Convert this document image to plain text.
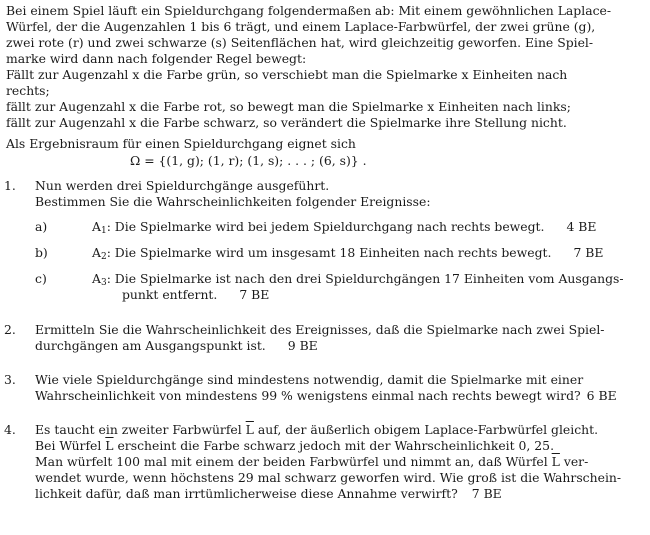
Bei einem Spiel läuft ein Spieldurchgang folgendermaßen ab: Mit einem gewöhnlichen Laplace-
Würfel, der die Augenzahlen 1 bis 6 trägt, und einem Laplace-Farbwürfel, der zwei grüne (g),
zwei rote (r) und zwei schwarze (s) Seitenflächen hat, wird gleichzeitig geworfen. Eine Spiel-
marke wird dann nach folgender Regel bewegt:
Fällt zur Augenzahl x die Farbe grün, so verschiebt man die Spielmarke x Einheiten nach
rechts;
fällt zur Augenzahl x die Farbe rot, so bewegt man die Spielmarke x Einheiten nach links;
fällt zur Augenzahl x die Farbe schwarz, so verändert die Spielmarke ihre Stellung nicht.
Als Ergebnisraum für einen Spieldurchgang eignet sich
Ω = {(1, g); (1, r); (1, s); . . . ; (6, s)} .
1. Nun werden drei Spieldurchgänge ausgeführt.
Bestimmen Sie die Wahrscheinlichkeiten folgender Ereignisse:
a)	$A_1$: Die Spielmarke wird bei jedem Spieldurchgang nach rechts bewegt. 4 BE
b)	$A_2$: Die Spielmarke wird um insgesamt 18 Einheiten nach rechts bewegt. 7 BE
c)	$A_3$: Die Spielmarke ist nach den drei Spieldurchgängen 17 Einheiten vom Ausgangs-
punkt entfernt. 7 BE
2. Ermitteln Sie die Wahrscheinlichkeit des Ereignisses, daß die Spielmarke nach zwei Spiel-
durchgängen am Ausgangspunkt ist. 9 BE
3. Wie viele Spieldurchgänge sind mindestens notwendig, damit die Spielmarke mit einer
Wahrscheinlichkeit von mindestens 99 % wenigstens einmal nach rechts bewegt wird? 6 BE
4. Es taucht ein zweiter Farbwürfel $\overline{L}$ auf, der äußerlich obigem Laplace-Farbwürfel gleicht.
Bei Würfel $\overline{L}$ erscheint die Farbe schwarz jedoch mit der Wahrscheinlichkeit 0, 25.
Man würfelt 100 mal mit einem der beiden Farbwürfel und nimmt an, daß Würfel $\overline{L}$ ver-
wendet wurde, wenn höchstens 29 mal schwarz geworfen wird. Wie groß ist die Wahrschein-
lichkeit dafür, daß man irrtümlicherweise diese Annahme verwirft? 7 BE
